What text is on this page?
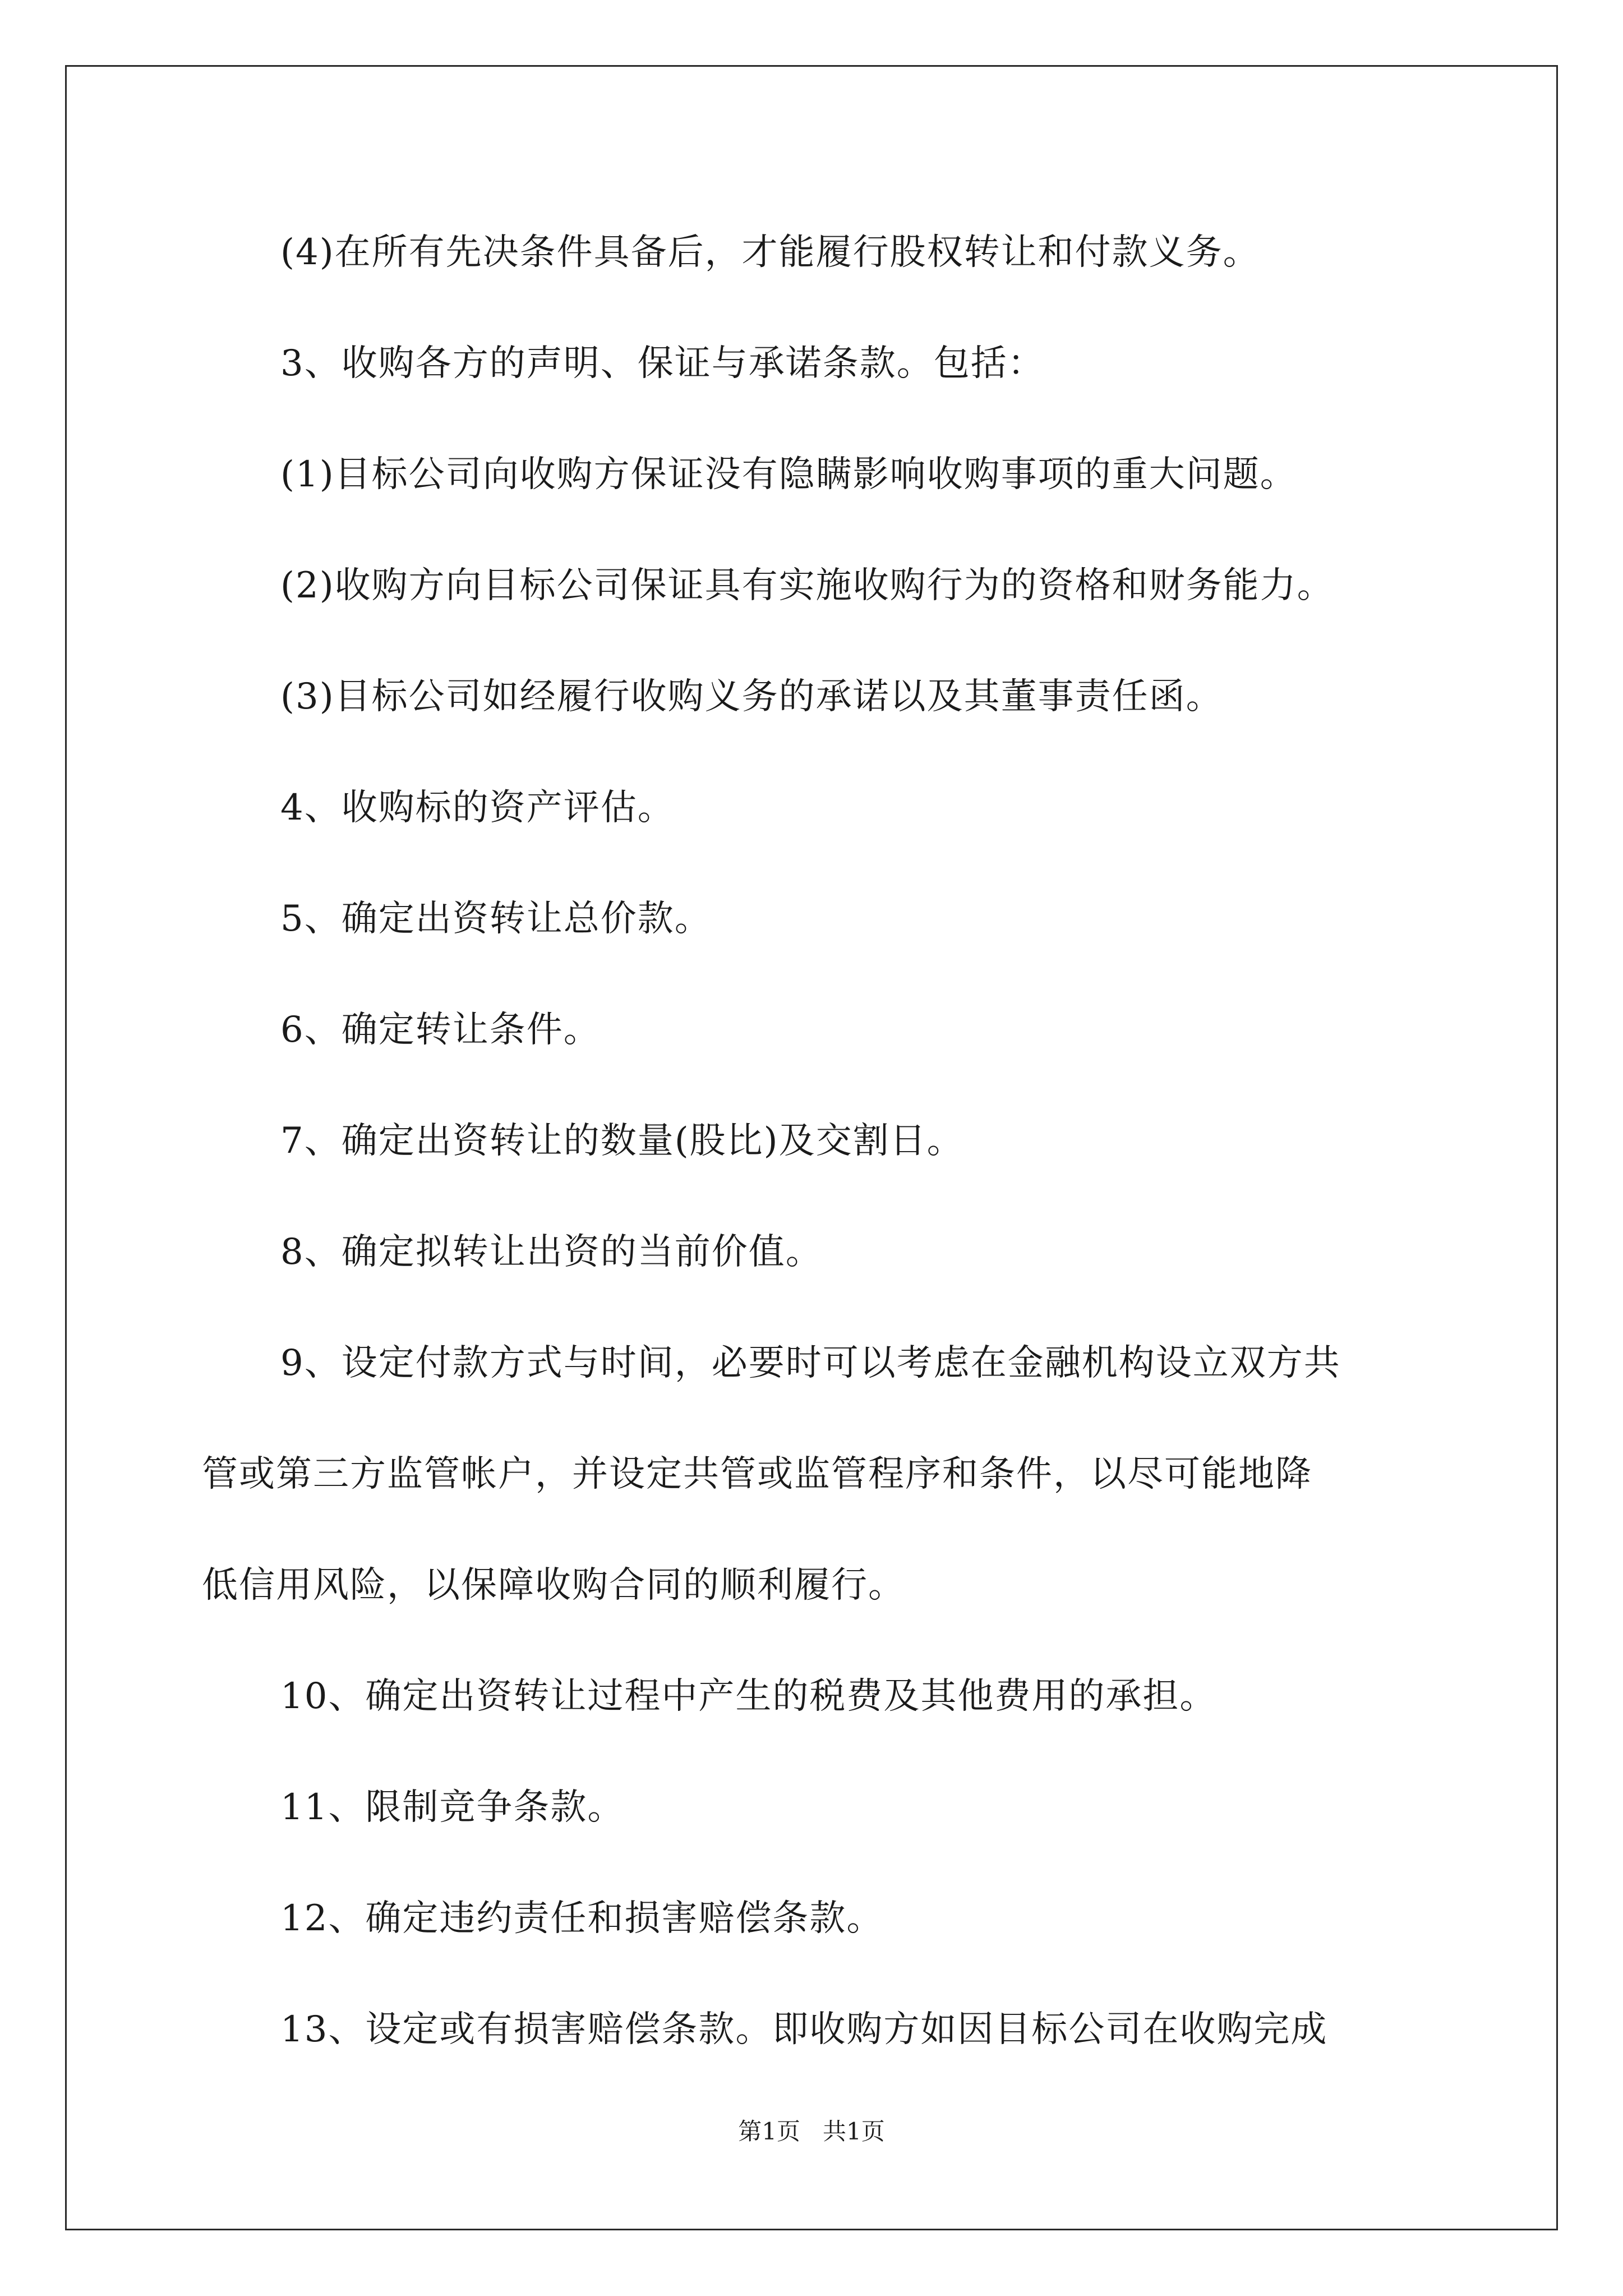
(4)在所有先决条件具备后，才能履行股权转让和付款义务。
3、收购各方的声明、保证与承诺条款。包括：
(1)目标公司向收购方保证没有隐瞒影响收购事项的重大问题。
(2)收购方向目标公司保证具有实施收购行为的资格和财务能力。
(3)目标公司如经履行收购义务的承诺以及其董事责任函。
4、收购标的资产评估。
5、确定出资转让总价款。
6、确定转让条件。
7、确定出资转让的数量(股比)及交割日。
8、确定拟转让出资的当前价值。
9、设定付款方式与时间，必要时可以考虑在金融机构设立双方共
管或第三方监管帐户，并设定共管或监管程序和条件，以尽可能地降
低信用风险，以保障收购合同的顺利履行。
10、确定出资转让过程中产生的税费及其他费用的承担。
11、限制竞争条款。
12、确定违约责任和损害赔偿条款。
13、设定或有损害赔偿条款。即收购方如因目标公司在收购完成
第1页   共1页
